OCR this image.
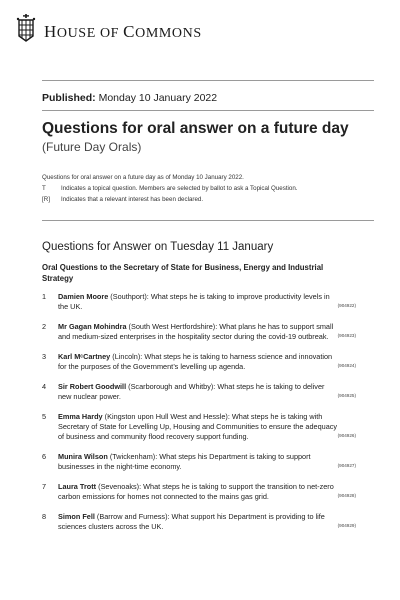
HOUSE OF COMMONS
Published: Monday 10 January 2022
Questions for oral answer on a future day
(Future Day Orals)
Questions for oral answer on a future day as of Monday 10 January 2022.
T	Indicates a topical question. Members are selected by ballot to ask a Topical Question.
[R]	Indicates that a relevant interest has been declared.
Questions for Answer on Tuesday 11 January
Oral Questions to the Secretary of State for Business, Energy and Industrial Strategy
1 Damien Moore (Southport): What steps he is taking to improve productivity levels in the UK.	(904922)
2 Mr Gagan Mohindra (South West Hertfordshire): What plans he has to support small and medium-sized enterprises in the hospitality sector during the covid-19 outbreak.	(904923)
3 Karl MᶜCartney (Lincoln): What steps he is taking to harness science and innovation for the purposes of the Government’s levelling up agenda.	(904924)
4 Sir Robert Goodwill (Scarborough and Whitby): What steps he is taking to deliver new nuclear power.	(904925)
5 Emma Hardy (Kingston upon Hull West and Hessle): What steps he is taking with Secretary of State for Levelling Up, Housing and Communities to ensure the adequacy of business and community flood recovery support funding.	(904926)
6 Munira Wilson (Twickenham): What steps his Department is taking to support businesses in the night-time economy.	(904927)
7 Laura Trott (Sevenoaks): What steps he is taking to support the transition to net-zero carbon emissions for homes not connected to the mains gas grid.	(904928)
8 Simon Fell (Barrow and Furness): What support his Department is providing to life sciences clusters across the UK.	(904929)
